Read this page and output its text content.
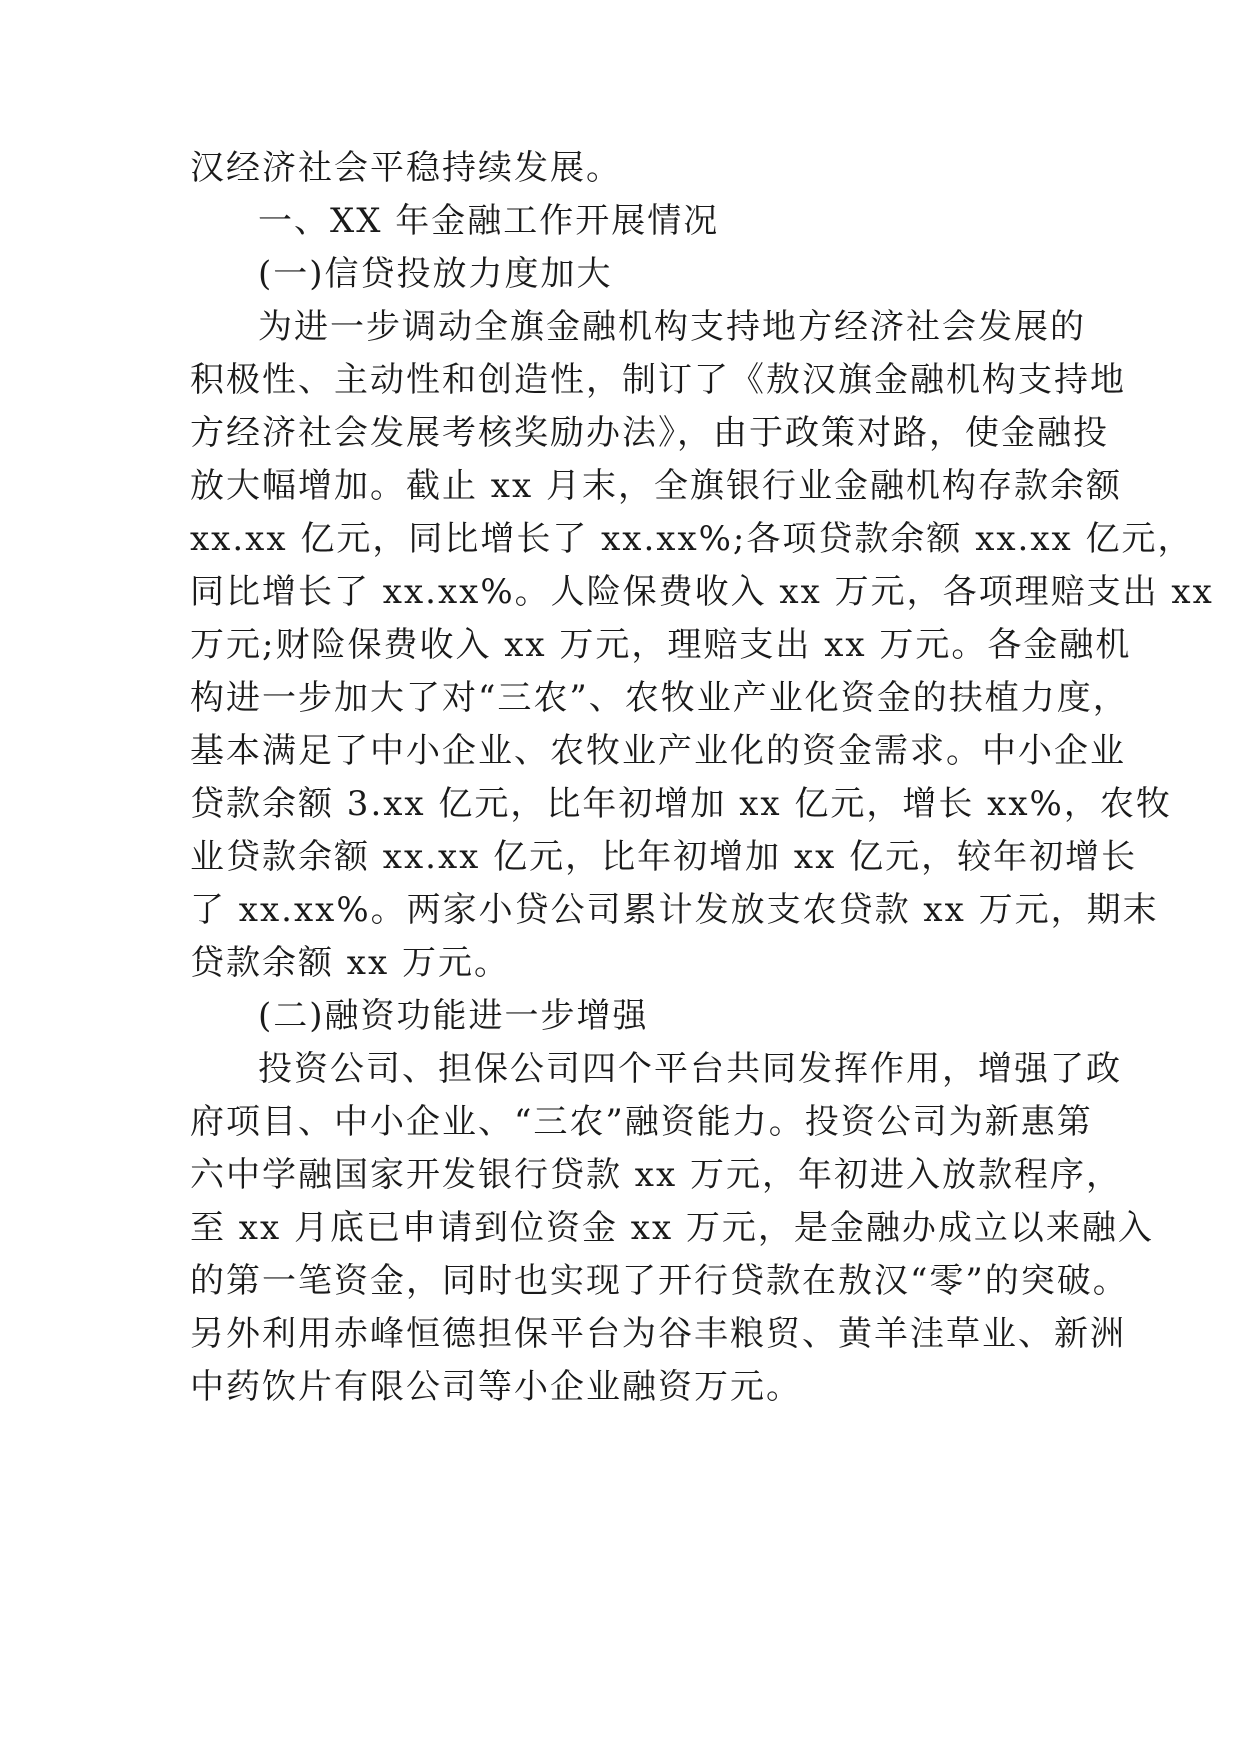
汉经济社会平稳持续发展。
一、XX 年金融工作开展情况
(一)信贷投放力度加大
为进一步调动全旗金融机构支持地方经济社会发展的
积极性、主动性和创造性，制订了《敖汉旗金融机构支持地
方经济社会发展考核奖励办法》，由于政策对路，使金融投
放大幅增加。截止 xx 月末，全旗银行业金融机构存款余额
xx.xx 亿元，同比增长了 xx.xx%;各项贷款余额 xx.xx 亿元，
同比增长了 xx.xx%。人险保费收入 xx 万元，各项理赔支出 xx
万元;财险保费收入 xx 万元，理赔支出 xx 万元。各金融机
构进一步加大了对“三农”、农牧业产业化资金的扶植力度，
基本满足了中小企业、农牧业产业化的资金需求。中小企业
贷款余额 3.xx 亿元，比年初增加 xx 亿元，增长 xx%，农牧
业贷款余额 xx.xx 亿元，比年初增加 xx 亿元，较年初增长
了 xx.xx%。两家小贷公司累计发放支农贷款 xx 万元，期末
贷款余额 xx 万元。
(二)融资功能进一步增强
投资公司、担保公司四个平台共同发挥作用，增强了政
府项目、中小企业、“三农”融资能力。投资公司为新惠第
六中学融国家开发银行贷款 xx 万元，年初进入放款程序，
至 xx 月底已申请到位资金 xx 万元，是金融办成立以来融入
的第一笔资金，同时也实现了开行贷款在敖汉“零”的突破。
另外利用赤峰恒德担保平台为谷丰粮贸、黄羊洼草业、新洲
中药饮片有限公司等小企业融资万元。
